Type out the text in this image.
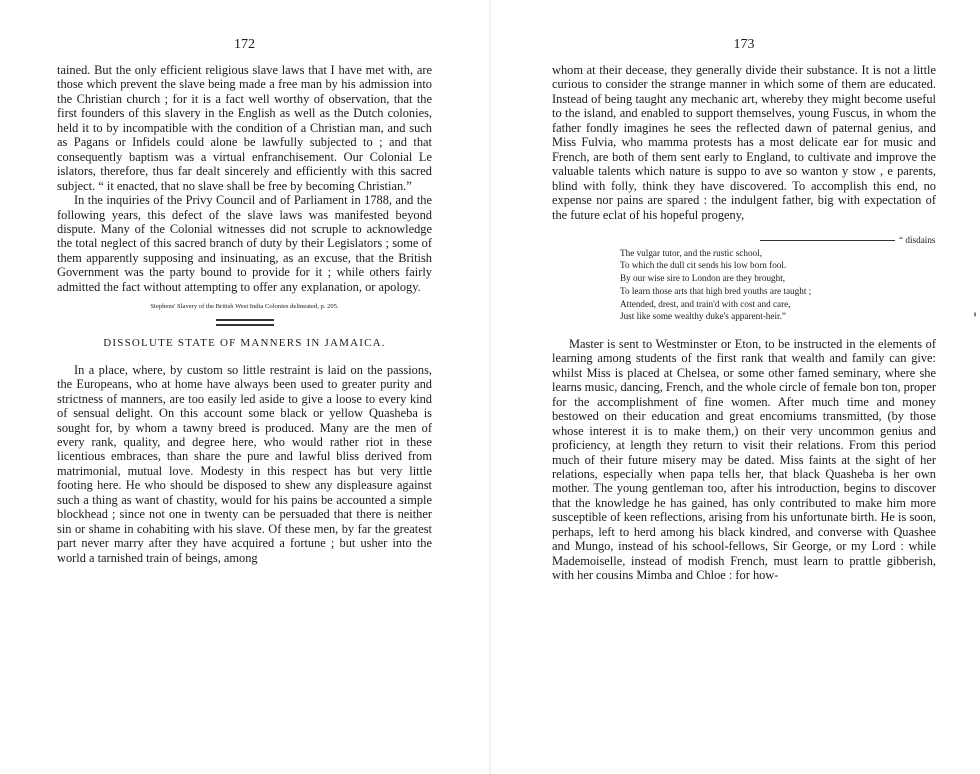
172

tained. But the only efficient religious slave laws that I have met with, are those which prevent the slave being made a free man by his admission into the Christian church ; for it is a fact well worthy of observation, that the first founders of this slavery in the English as well as the Dutch colonies, held it to by incompatible with the condition of a Christian man, and such as Pagans or Infidels could alone be lawfully subjected to ; and that consequently baptism was a virtual enfranchisement. Our Colonial Le islators, therefore, thus far dealt sincerely and efficiently with this sacred subject. “ it enacted, that no slave shall be free by becoming Christian.”

In the inquiries of the Privy Council and of Parliament in 1788, and the following years, this defect of the slave laws was manifested beyond dispute. Many of the Colonial witnesses did not scruple to acknowledge the total neglect of this sacred branch of duty by their Legislators ; some of them apparently supposing and insinuating, as an excuse, that the British Government was the party bound to provide for it ; while others fairly admitted the fact without attempting to offer any explanation, or apology.

Stephens' Slavery of the British West India Colonies delineated, p. 205.
DISSOLUTE STATE OF MANNERS IN JAMAICA.

In a place, where, by custom so little restraint is laid on the passions, the Europeans, who at home have always been used to greater purity and strictness of manners, are too easily led aside to give a loose to every kind of sensual delight. On this account some black or yellow Quasheba is sought for, by whom a tawny breed is produced. Many are the men of every rank, quality, and degree here, who would rather riot in these licentious embraces, than share the pure and lawful bliss derived from matrimonial, mutual love. Modesty in this respect has but very little footing here. He who should be disposed to shew any displeasure against such a thing as want of chastity, would for his pains be accounted a simple blockhead ; since not one in twenty can be persuaded that there is neither sin or shame in cohabiting with his slave. Of these men, by far the greatest part never marry after they have acquired a fortune ; but usher into the world a tarnished train of beings, among

173

whom at their decease, they generally divide their substance. It is not a little curious to consider the strange manner in which some of them are educated. Instead of being taught any mechanic art, whereby they might become useful to the island, and enabled to support themselves, young Fuscus, in whom the father fondly imagines he sees the reflected dawn of paternal genius, and Miss Fulvia, who mamma protests has a most delicate ear for music and French, are both of them sent early to England, to cultivate and improve the valuable talents which nature is suppo to ave so wanton y stow , e parents, blind with folly, think they have discovered. To accomplish this end, no expense nor pains are spared : the indulgent father, big with expectation of the future eclat of his hopeful progeny,

“ disdains

The vulgar tutor, and the rustic school,

To which the dull cit sends his low born fool.

By our wise sire to London are they brought,

To learn those arts that high bred youths are taught ;

Attended, drest, and train'd with cost and care,

Just like some wealthy duke's apparent-heir.”

Master is sent to Westminster or Eton, to be instructed in the elements of learning among students of the first rank that wealth and family can give: whilst Miss is placed at Chelsea, or some other famed seminary, where she learns music, dancing, French, and the whole circle of female bon ton, proper for the accomplishment of fine women. After much time and money bestowed on their education and great encomiums transmitted, (by those whose interest it is to make them,) on their very uncommon genius and proficiency, at length they return to visit their relations. From this period much of their future misery may be dated. Miss faints at the sight of her relations, especially when papa tells her, that black Quasheba is her own mother. The young gentleman too, after his introduction, begins to discover that the knowledge he has gained, has only contributed to make him more susceptible of keen reflections, arising from his unfortunate birth. He is soon, perhaps, left to herd among his black kindred, and converse with Quashee and Mungo, instead of his school-fellows, Sir George, or my Lord : while Mademoiselle, instead of modish French, must learn to prattle gibberish, with her cousins Mimba and Chloe : for how-

'
